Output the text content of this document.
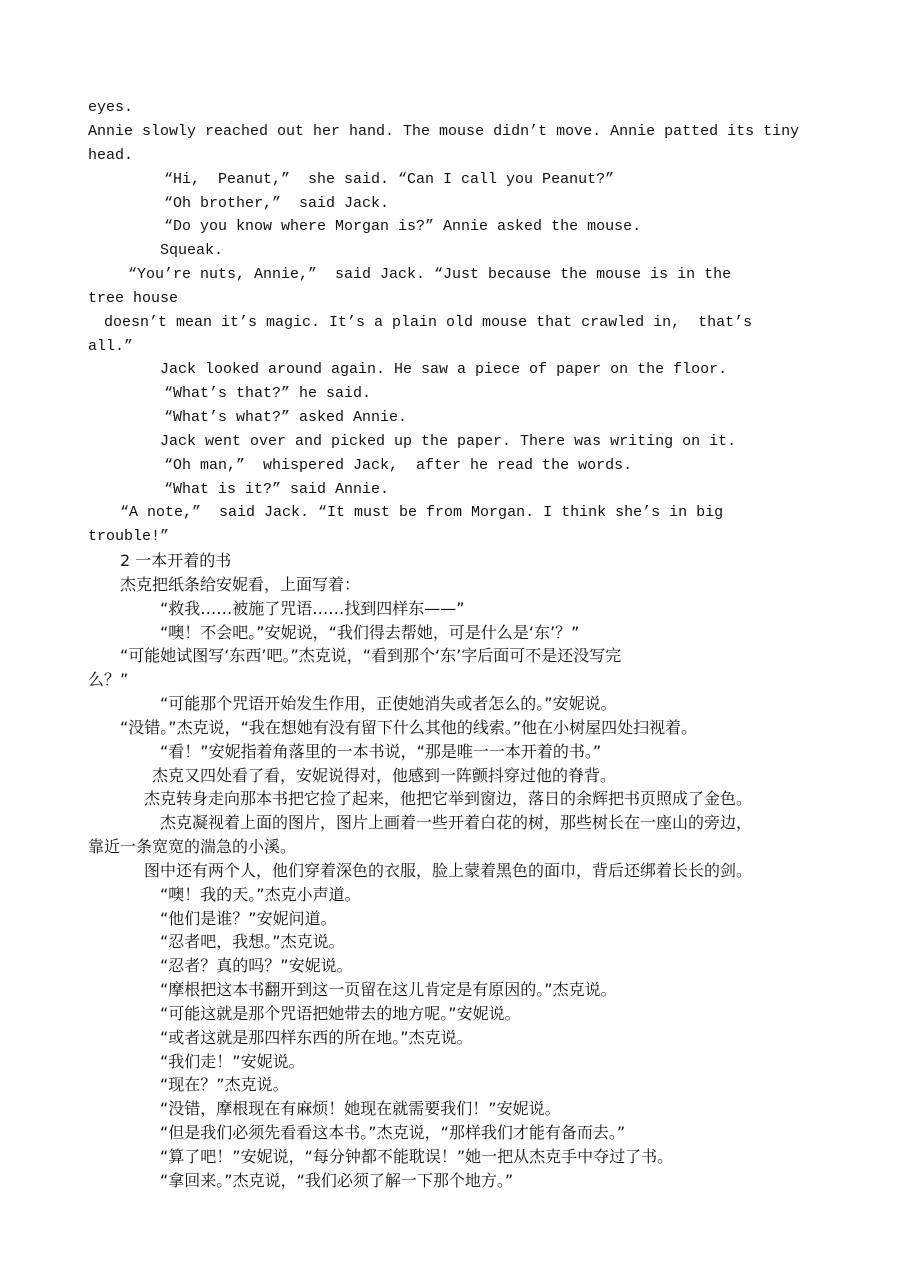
eyes.
Annie slowly reached out her hand. The mouse didn’t move. Annie patted its tiny
head.
“Hi,  Peanut,”  she said. “Can I call you Peanut?”
“Oh brother,”  said Jack.
“Do you know where Morgan is?” Annie asked the mouse.
Squeak.
“You’re nuts, Annie,”  said Jack. “Just because the mouse is in the
tree house
doesn’t mean it’s magic. It’s a plain old mouse that crawled in,  that’s
all.”
Jack looked around again. He saw a piece of paper on the floor.
“What’s that?” he said.
“What’s what?” asked Annie.
Jack went over and picked up the paper. There was writing on it.
“Oh man,”  whispered Jack,  after he read the words.
“What is it?” said Annie.
“A note,”  said Jack. “It must be from Morgan. I think she’s in big
trouble!”
2 一本开着的书
杰克把纸条给安妮看，上面写着：
“救我……被施了咒语……找到四样东——”
“噢！不会吧。”安妮说，“我们得去帮她，可是什么是‘东’？”
“可能她试图写‘东西’吧。”杰克说，“看到那个‘东’字后面可不是还没写完
么？”
“可能那个咒语开始发生作用，正使她消失或者怎么的。”安妮说。
“没错。”杰克说，“我在想她有没有留下什么其他的线索。”他在小树屋四处扫视着。
“看！”安妮指着角落里的一本书说，“那是唯一一本开着的书。”
杰克又四处看了看，安妮说得对，他感到一阵颤抖穿过他的脊背。
杰克转身走向那本书把它捡了起来，他把它举到窗边，落日的余辉把书页照成了金色。
杰克凝视着上面的图片，图片上画着一些开着白花的树，那些树长在一座山的旁边，
靠近一条宽宽的湍急的小溪。
图中还有两个人，他们穿着深色的衣服，脸上蒙着黑色的面巾，背后还绑着长长的剑。
“噢！我的天。”杰克小声道。
“他们是谁？”安妮问道。
“忍者吧，我想。”杰克说。
“忍者？真的吗？”安妮说。
“摩根把这本书翻开到这一页留在这儿肯定是有原因的。”杰克说。
“可能这就是那个咒语把她带去的地方呢。”安妮说。
“或者这就是那四样东西的所在地。”杰克说。
“我们走！”安妮说。
“现在？”杰克说。
“没错，摩根现在有麻烦！她现在就需要我们！”安妮说。
“但是我们必须先看看这本书。”杰克说，“那样我们才能有备而去。”
“算了吧！”安妮说，“每分钟都不能耽误！”她一把从杰克手中夺过了书。
“拿回来。”杰克说，“我们必须了解一下那个地方。”
